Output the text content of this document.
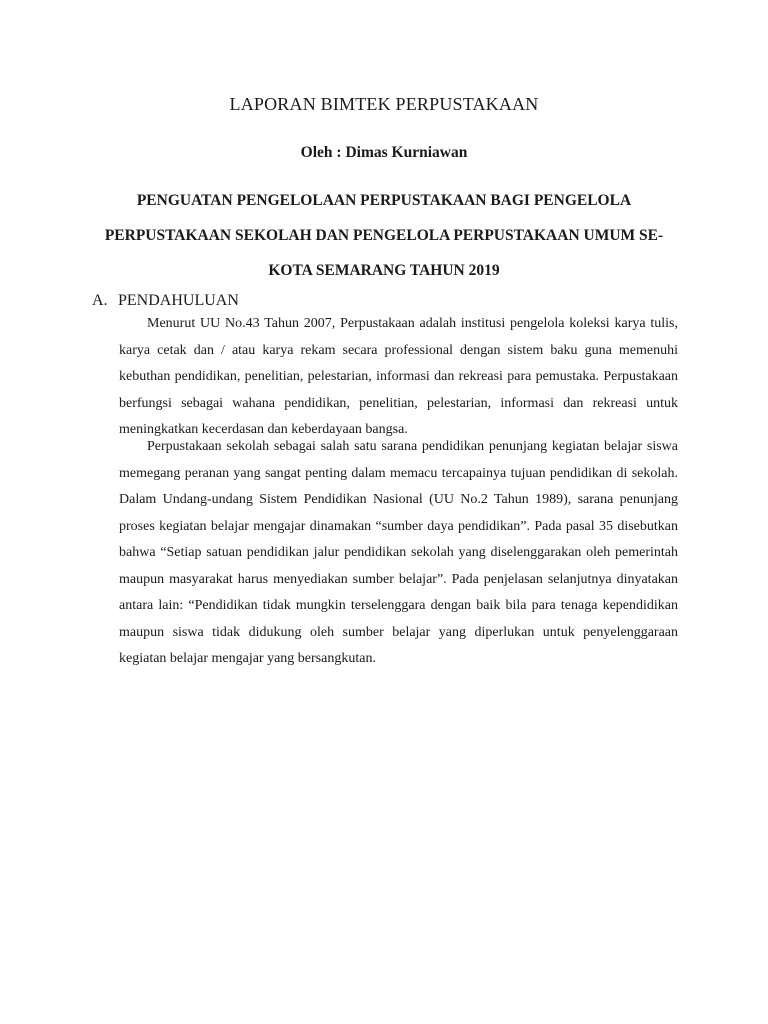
LAPORAN BIMTEK PERPUSTAKAAN
Oleh : Dimas Kurniawan
PENGUATAN PENGELOLAAN PERPUSTAKAAN BAGI PENGELOLA PERPUSTAKAAN SEKOLAH DAN PENGELOLA PERPUSTAKAAN UMUM SE-KOTA SEMARANG TAHUN 2019
A. PENDAHULUAN

Menurut UU No.43 Tahun 2007, Perpustakaan adalah institusi pengelola koleksi karya tulis, karya cetak dan / atau karya rekam secara professional dengan sistem baku guna memenuhi kebuthan pendidikan, penelitian, pelestarian, informasi dan rekreasi para pemustaka. Perpustakaan berfungsi sebagai wahana pendidikan, penelitian, pelestarian, informasi dan rekreasi untuk meningkatkan kecerdasan dan keberdayaan bangsa.

Perpustakaan sekolah sebagai salah satu sarana pendidikan penunjang kegiatan belajar siswa memegang peranan yang sangat penting dalam memacu tercapainya tujuan pendidikan di sekolah. Dalam Undang-undang Sistem Pendidikan Nasional (UU No.2 Tahun 1989), sarana penunjang proses kegiatan belajar mengajar dinamakan “sumber daya pendidikan”. Pada pasal 35 disebutkan bahwa “Setiap satuan pendidikan jalur pendidikan sekolah yang diselenggarakan oleh pemerintah maupun masyarakat harus menyediakan sumber belajar”. Pada penjelasan selanjutnya dinyatakan antara lain: “Pendidikan tidak mungkin terselenggara dengan baik bila para tenaga kependidikan maupun siswa tidak didukung oleh sumber belajar yang diperlukan untuk penyelenggaraan kegiatan belajar mengajar yang bersangkutan.
